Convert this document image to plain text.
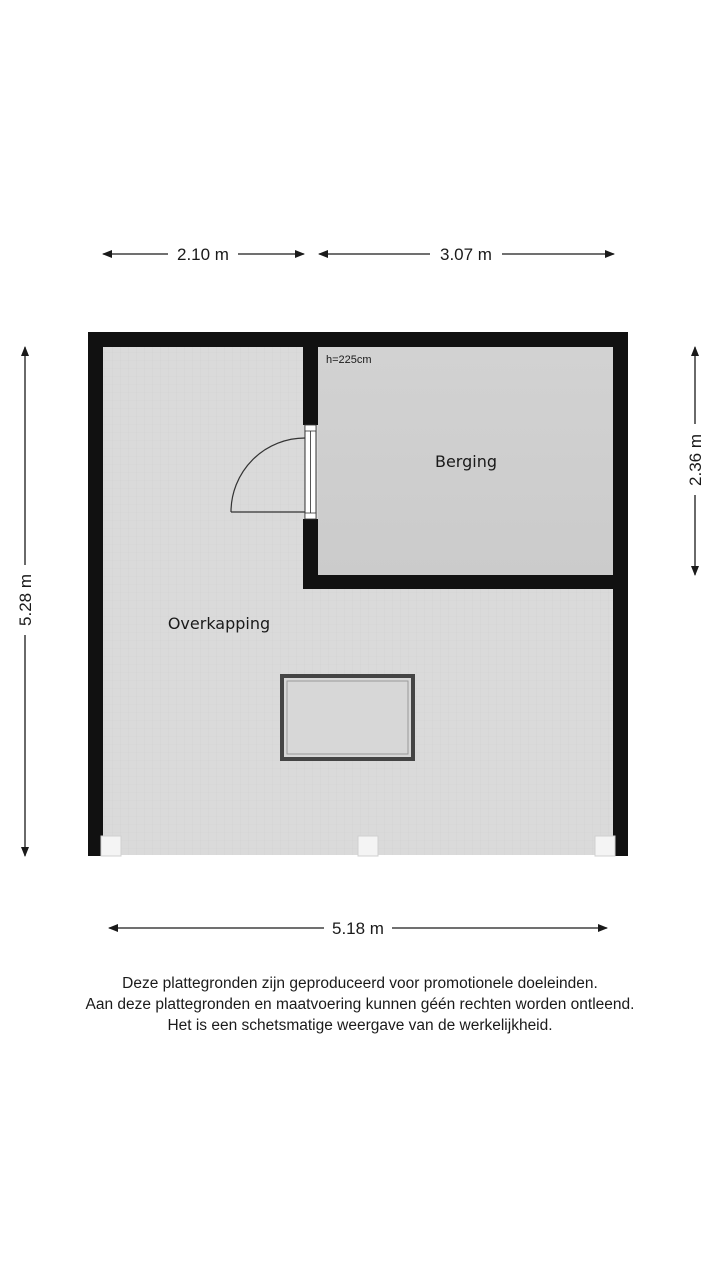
2.10 m	3.07 m
5.28 m
2.36 m
h=225cm
Berging
Overkapping
5.18 m
Deze plattegronden zijn geproduceerd voor promotionele doeleinden.
Aan deze plattegronden en maatvoering kunnen géén rechten worden ontleend.
Het is een schetsmatige weergave van de werkelijkheid.
